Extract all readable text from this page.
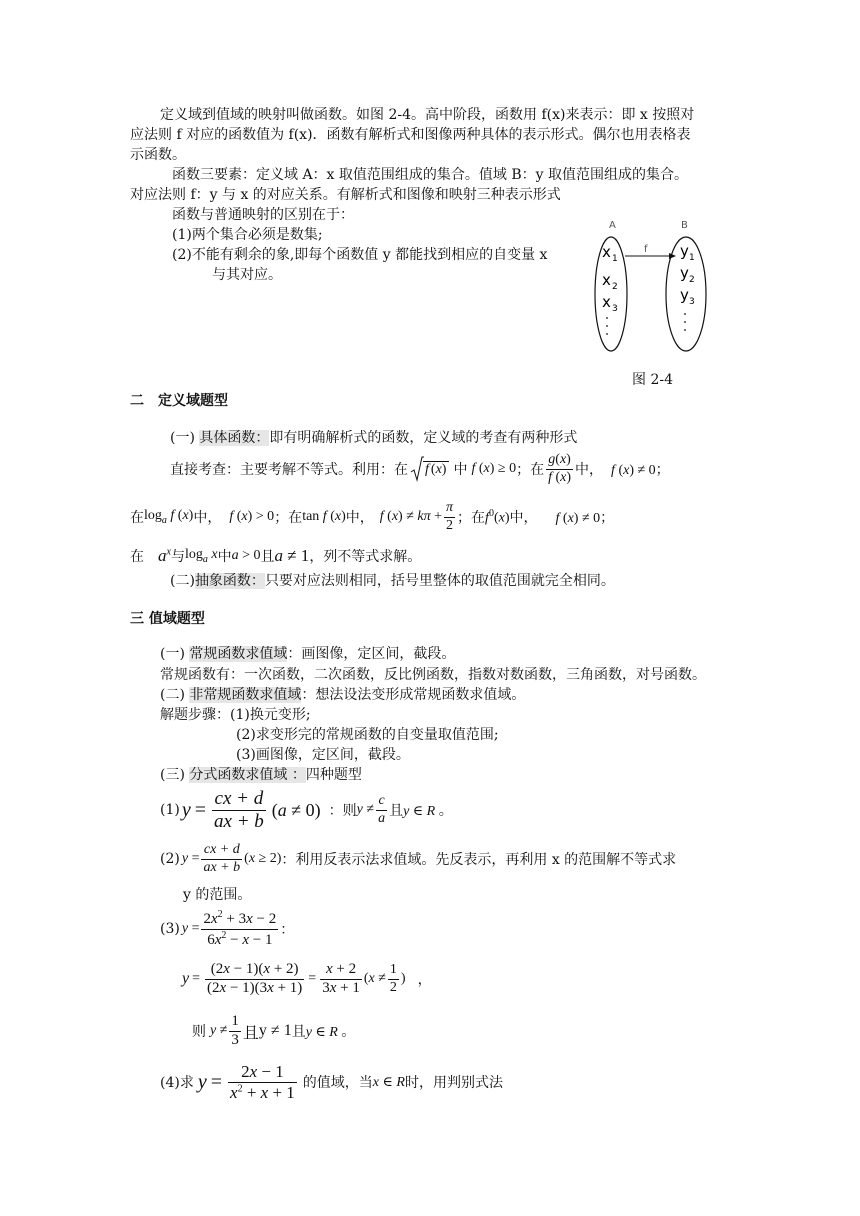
定义域到值域的映射叫做函数。如图 2-4。高中阶段，函数用 f(x)来表示：即 x 按照对
应法则 f 对应的函数值为 f(x)．函数有解析式和图像两种具体的表示形式。偶尔也用表格表
示函数。
函数三要素：定义域 A：x 取值范围组成的集合。值域 B：y 取值范围组成的集合。
对应法则 f：y 与 x 的对应关系。有解析式和图像和映射三种表示形式
函数与普通映射的区别在于：
(1)两个集合必须是数集;
(2)不能有剩余的象,即每个函数值 y 都能找到相应的自变量 x
与其对应。
A	B
f
x 1
x 2
x 3
y 1
y 2
y 3
图 2-4
二　定义域题型
(一) 具体函数：即有明确解析式的函数，定义域的考查有两种形式
直接考查：主要考解不等式。利用：在 f (x) 中 f (x) ≥ 0 ；在 $\frac{g(x)}{f (x)}$ 中， f (x) ≠ 0；
在 $\log_a f$ (x) 中， f (x) > 0 ；在 tan f (x) 中， f $(x) \ne k\pi + \frac{\pi}{2}$ ；在 $f^0(x)$ 中， f (x) ≠ 0；
在 $a^x$ 与 $\log_a x$ 中 a > 0 且 a ≠ 1 ，列不等式求解。
(二)抽象函数：只要对应法则相同，括号里整体的取值范围就完全相同。
三 值域题型
(一) 常规函数求值域：画图像，定区间，截段。
常规函数有：一次函数，二次函数，反比例函数，指数对数函数，三角函数，对号函数。
(二) 非常规函数求值域：想法设法变形成常规函数求值域。
解题步骤：(1)换元变形;
(2)求变形完的常规函数的自变量取值范围;
(3)画图像，定区间，截段。
(三) 分式函数求值域 ：四种题型
(1) $y = \frac{cx + d}{ax + b} (a \ne 0)$ ：则 $y \ne \frac{c}{a}$ 且 y ∈ R 。
(2) $y = \frac{cx + d}{ax + b} (x \ge 2)$ ：利用反表示法求值域。先反表示，再利用 x 的范围解不等式求
y 的范围。
(3) $y = \frac{2x^2 + 3x - 2}{6x^2 - x - 1}$ ：
$y = \frac{(2x - 1)(x + 2)}{(2x - 1)(3x + 1)} = \frac{x + 2}{3x + 1} (x \ne \frac{1}{2}$ ) ，
则 $y \ne \frac{1}{3}$ 且 y ≠ 1 且 y ∈ R 。
(4)求 $y = \frac{2x - 1}{x^2 + x + 1}$ 的值域，当 x ∈ R 时，用判别式法
